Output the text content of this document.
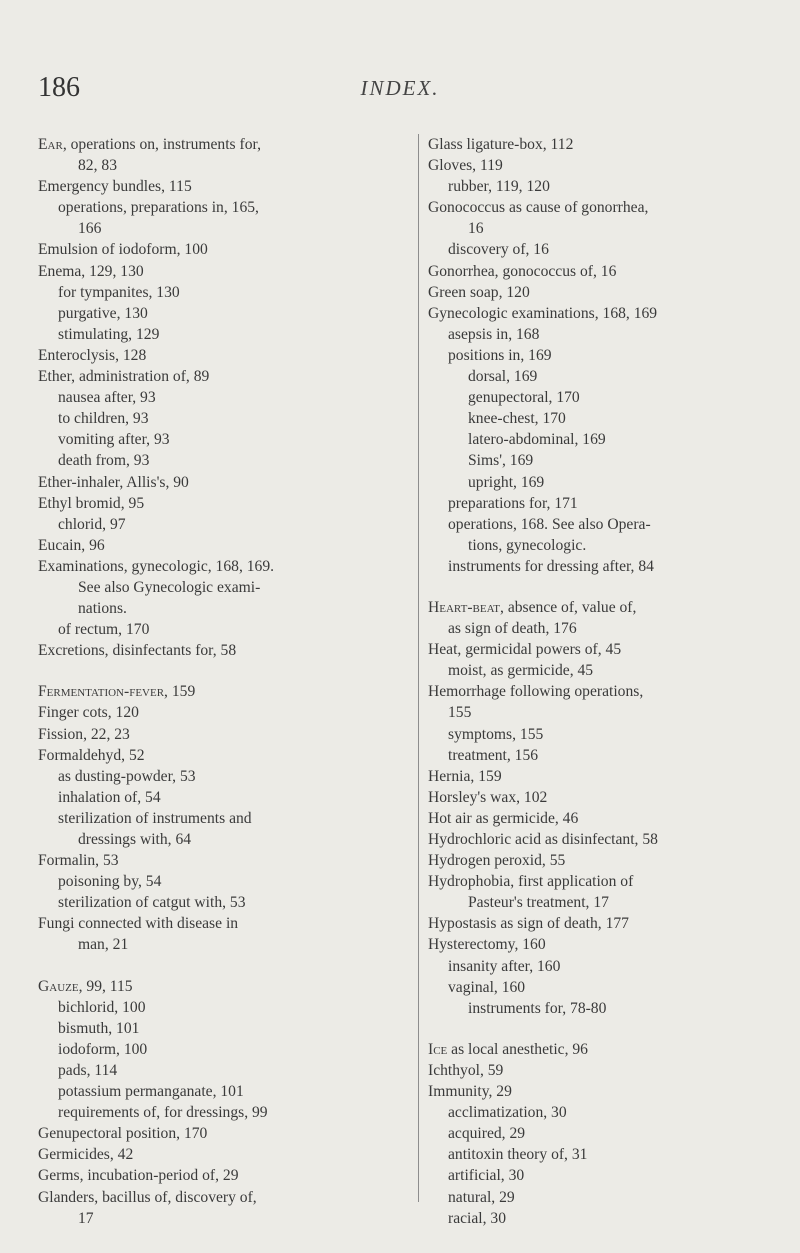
186	INDEX.
Ear, operations on, instruments for,
82, 83
Emergency bundles, 115
operations, preparations in, 165,
166
Emulsion of iodoform, 100
Enema, 129, 130
for tympanites, 130
purgative, 130
stimulating, 129
Enteroclysis, 128
Ether, administration of, 89
nausea after, 93
to children, 93
vomiting after, 93
death from, 93
Ether-inhaler, Allis's, 90
Ethyl bromid, 95
chlorid, 97
Eucain, 96
Examinations, gynecologic, 168, 169.
See also Gynecologic exami-
nations.
of rectum, 170
Excretions, disinfectants for, 58
Fermentation-fever, 159
Finger cots, 120
Fission, 22, 23
Formaldehyd, 52
as dusting-powder, 53
inhalation of, 54
sterilization of instruments and
dressings with, 64
Formalin, 53
poisoning by, 54
sterilization of catgut with, 53
Fungi connected with disease in
man, 21
Gauze, 99, 115
bichlorid, 100
bismuth, 101
iodoform, 100
pads, 114
potassium permanganate, 101
requirements of, for dressings, 99
Genupectoral position, 170
Germicides, 42
Germs, incubation-period of, 29
Glanders, bacillus of, discovery of,
17
Glass ligature-box, 112
Gloves, 119
rubber, 119, 120
Gonococcus as cause of gonorrhea,
16
discovery of, 16
Gonorrhea, gonococcus of, 16
Green soap, 120
Gynecologic examinations, 168, 169
asepsis in, 168
positions in, 169
dorsal, 169
genupectoral, 170
knee-chest, 170
latero-abdominal, 169
Sims', 169
upright, 169
preparations for, 171
operations, 168. See also Opera-
tions, gynecologic.
instruments for dressing after, 84
Heart-beat, absence of, value of,
as sign of death, 176
Heat, germicidal powers of, 45
moist, as germicide, 45
Hemorrhage following operations,
155
symptoms, 155
treatment, 156
Hernia, 159
Horsley's wax, 102
Hot air as germicide, 46
Hydrochloric acid as disinfectant, 58
Hydrogen peroxid, 55
Hydrophobia, first application of
Pasteur's treatment, 17
Hypostasis as sign of death, 177
Hysterectomy, 160
insanity after, 160
vaginal, 160
instruments for, 78-80
Ice as local anesthetic, 96
Ichthyol, 59
Immunity, 29
acclimatization, 30
acquired, 29
antitoxin theory of, 31
artificial, 30
natural, 29
racial, 30
